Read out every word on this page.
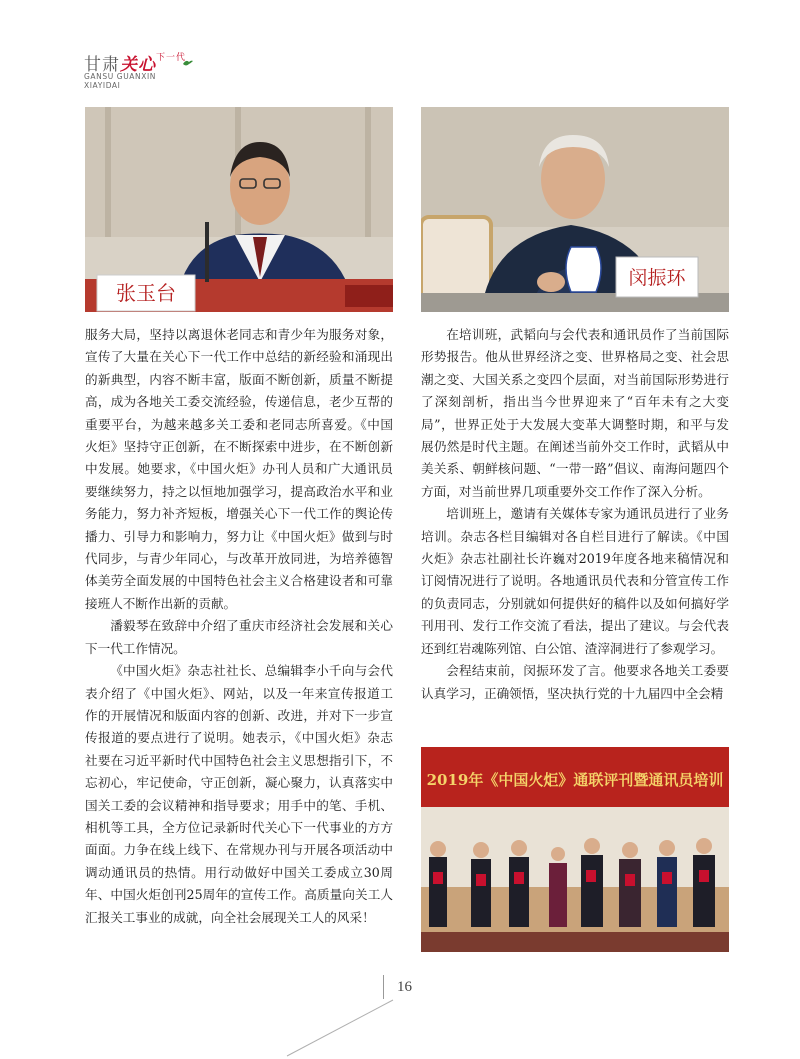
甘肃关心$^{下一代}$
GANSU GUANXIN
XIAYIDAI
张玉台
闵振环

服务大局，坚持以离退休老同志和青少年为服务对象，宣传了大量在关心下一代工作中总结的新经验和涌现出的新典型，内容不断丰富，版面不断创新，质量不断提高，成为各地关工委交流经验，传递信息，老少互帮的重要平台，为越来越多关工委和老同志所喜爱。《中国火炬》坚持守正创新，在不断探索中进步，在不断创新中发展。她要求，《中国火炬》办刊人员和广大通讯员要继续努力，持之以恒地加强学习，提高政治水平和业务能力，努力补齐短板，增强关心下一代工作的舆论传播力、引导力和影响力，努力让《中国火炬》做到与时代同步，与青少年同心，与改革开放同进，为培养德智体美劳全面发展的中国特色社会主义合格建设者和可靠接班人不断作出新的贡献。

潘毅琴在致辞中介绍了重庆市经济社会发展和关心下一代工作情况。

《中国火炬》杂志社社长、总编辑李小千向与会代表介绍了《中国火炬》、网站，以及一年来宣传报道工作的开展情况和版面内容的创新、改进，并对下一步宣传报道的要点进行了说明。她表示，《中国火炬》杂志社要在习近平新时代中国特色社会主义思想指引下，不忘初心，牢记使命，守正创新，凝心聚力，认真落实中国关工委的会议精神和指导要求；用手中的笔、手机、相机等工具，全方位记录新时代关心下一代事业的方方面面。力争在线上线下、在常规办刊与开展各项活动中调动通讯员的热情。用行动做好中国关工委成立30周年、中国火炬创刊25周年的宣传工作。高质量向关工人汇报关工事业的成就，向全社会展现关工人的风采！

在培训班，武韬向与会代表和通讯员作了当前国际形势报告。他从世界经济之变、世界格局之变、社会思潮之变、大国关系之变四个层面，对当前国际形势进行了深刻剖析，指出当今世界迎来了“百年未有之大变局”，世界正处于大发展大变革大调整时期，和平与发展仍然是时代主题。在阐述当前外交工作时，武韬从中美关系、朝鲜核问题、“一带一路”倡议、南海问题四个方面，对当前世界几项重要外交工作作了深入分析。

培训班上，邀请有关媒体专家为通讯员进行了业务培训。杂志各栏目编辑对各自栏目进行了解读。《中国火炬》杂志社副社长许巍对2019年度各地来稿情况和订阅情况进行了说明。各地通讯员代表和分管宣传工作的负责同志，分别就如何提供好的稿件以及如何搞好学刊用刊、发行工作交流了看法，提出了建议。与会代表还到红岩魂陈列馆、白公馆、渣滓洞进行了参观学习。

会程结束前，闵振环发了言。他要求各地关工委要认真学习，正确领悟，坚决执行党的十九届四中全会精

2019年《中国火炬》通联评刊暨通讯员培训
16
